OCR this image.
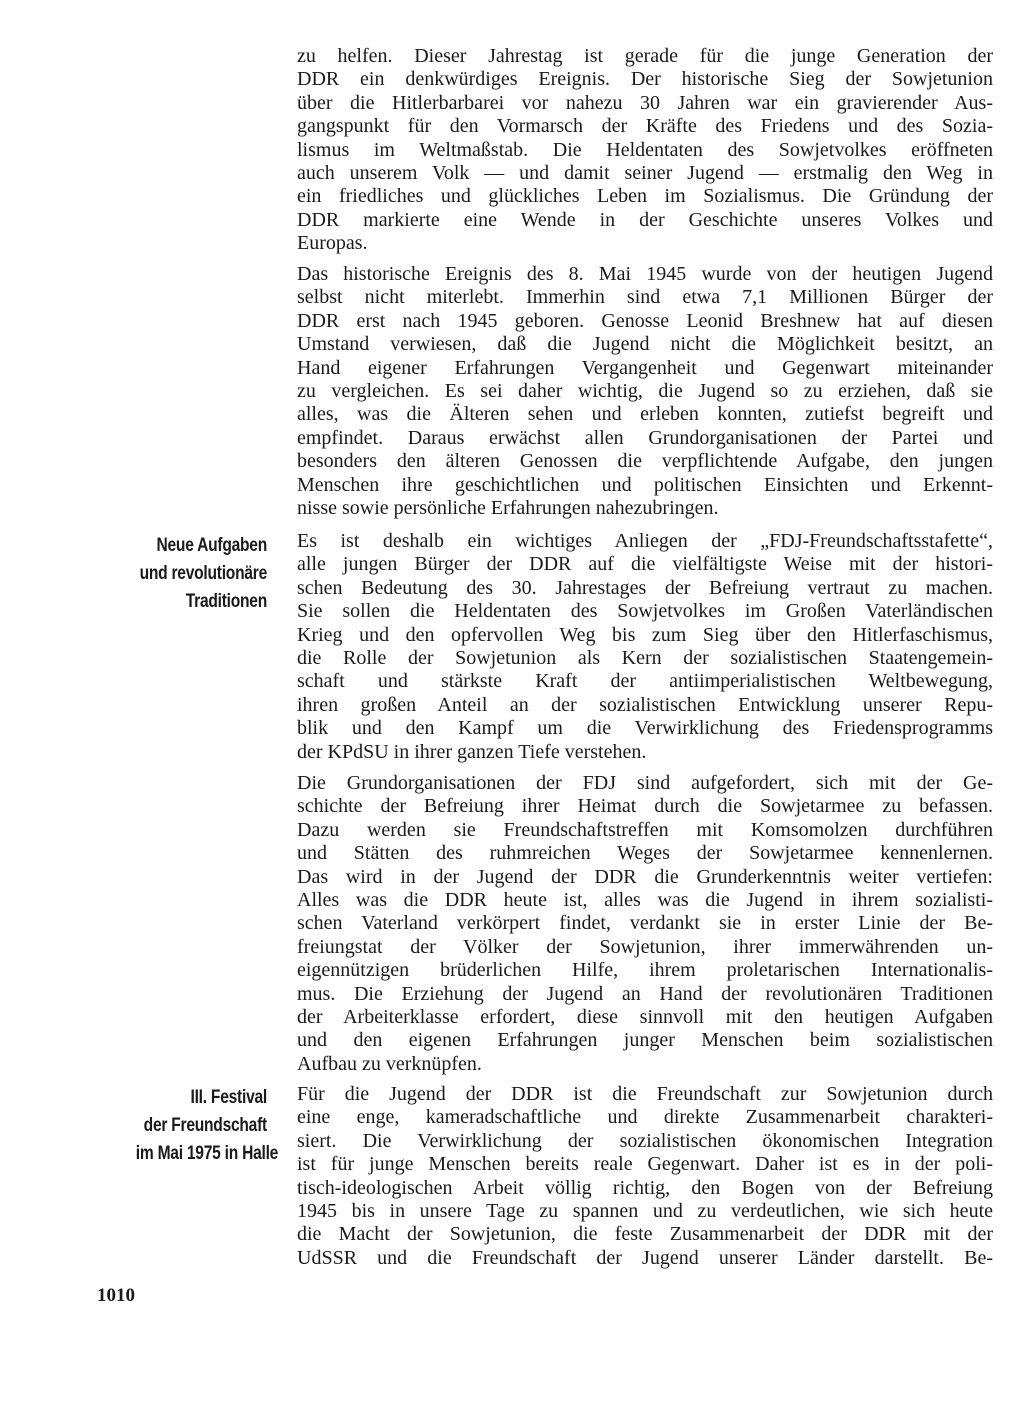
zu helfen. Dieser Jahrestag ist gerade für die junge Generation der
DDR ein denkwürdiges Ereignis. Der historische Sieg der Sowjetunion
über die Hitlerbarbarei vor nahezu 30 Jahren war ein gravierender Aus-
gangspunkt für den Vormarsch der Kräfte des Friedens und des Sozia-
lismus im Weltmaßstab. Die Heldentaten des Sowjetvolkes eröffneten
auch unserem Volk — und damit seiner Jugend — erstmalig den Weg in
ein friedliches und glückliches Leben im Sozialismus. Die Gründung der
DDR markierte eine Wende in der Geschichte unseres Volkes und
Europas.
Das historische Ereignis des 8. Mai 1945 wurde von der heutigen Jugend
selbst nicht miterlebt. Immerhin sind etwa 7,1 Millionen Bürger der
DDR erst nach 1945 geboren. Genosse Leonid Breshnew hat auf diesen
Umstand verwiesen, daß die Jugend nicht die Möglichkeit besitzt, an
Hand eigener Erfahrungen Vergangenheit und Gegenwart miteinander
zu vergleichen. Es sei daher wichtig, die Jugend so zu erziehen, daß sie
alles, was die Älteren sehen und erleben konnten, zutiefst begreift und
empfindet. Daraus erwächst allen Grundorganisationen der Partei und
besonders den älteren Genossen die verpflichtende Aufgabe, den jungen
Menschen ihre geschichtlichen und politischen Einsichten und Erkennt-
nisse sowie persönliche Erfahrungen nahezubringen.
Neue Aufgaben
und revolutionäre
Traditionen
Es ist deshalb ein wichtiges Anliegen der „FDJ-Freundschaftsstafette“,
alle jungen Bürger der DDR auf die vielfältigste Weise mit der histori-
schen Bedeutung des 30. Jahrestages der Befreiung vertraut zu machen.
Sie sollen die Heldentaten des Sowjetvolkes im Großen Vaterländischen
Krieg und den opfervollen Weg bis zum Sieg über den Hitlerfaschismus,
die Rolle der Sowjetunion als Kern der sozialistischen Staatengemein-
schaft und stärkste Kraft der antiimperialistischen Weltbewegung,
ihren großen Anteil an der sozialistischen Entwicklung unserer Repu-
blik und den Kampf um die Verwirklichung des Friedensprogramms
der KPdSU in ihrer ganzen Tiefe verstehen.
Die Grundorganisationen der FDJ sind aufgefordert, sich mit der Ge-
schichte der Befreiung ihrer Heimat durch die Sowjetarmee zu befassen.
Dazu werden sie Freundschaftstreffen mit Komsomolzen durchführen
und Stätten des ruhmreichen Weges der Sowjetarmee kennenlernen.
Das wird in der Jugend der DDR die Grunderkenntnis weiter vertiefen:
Alles was die DDR heute ist, alles was die Jugend in ihrem sozialisti-
schen Vaterland verkörpert findet, verdankt sie in erster Linie der Be-
freiungstat der Völker der Sowjetunion, ihrer immerwährenden un-
eigennützigen brüderlichen Hilfe, ihrem proletarischen Internationalis-
mus. Die Erziehung der Jugend an Hand der revolutionären Traditionen
der Arbeiterklasse erfordert, diese sinnvoll mit den heutigen Aufgaben
und den eigenen Erfahrungen junger Menschen beim sozialistischen
Aufbau zu verknüpfen.
III. Festival
der Freundschaft
im Mai 1975 in Halle
Für die Jugend der DDR ist die Freundschaft zur Sowjetunion durch
eine enge, kameradschaftliche und direkte Zusammenarbeit charakteri-
siert. Die Verwirklichung der sozialistischen ökonomischen Integration
ist für junge Menschen bereits reale Gegenwart. Daher ist es in der poli-
tisch-ideologischen Arbeit völlig richtig, den Bogen von der Befreiung
1945 bis in unsere Tage zu spannen und zu verdeutlichen, wie sich heute
die Macht der Sowjetunion, die feste Zusammenarbeit der DDR mit der
UdSSR und die Freundschaft der Jugend unserer Länder darstellt. Be-
1010
